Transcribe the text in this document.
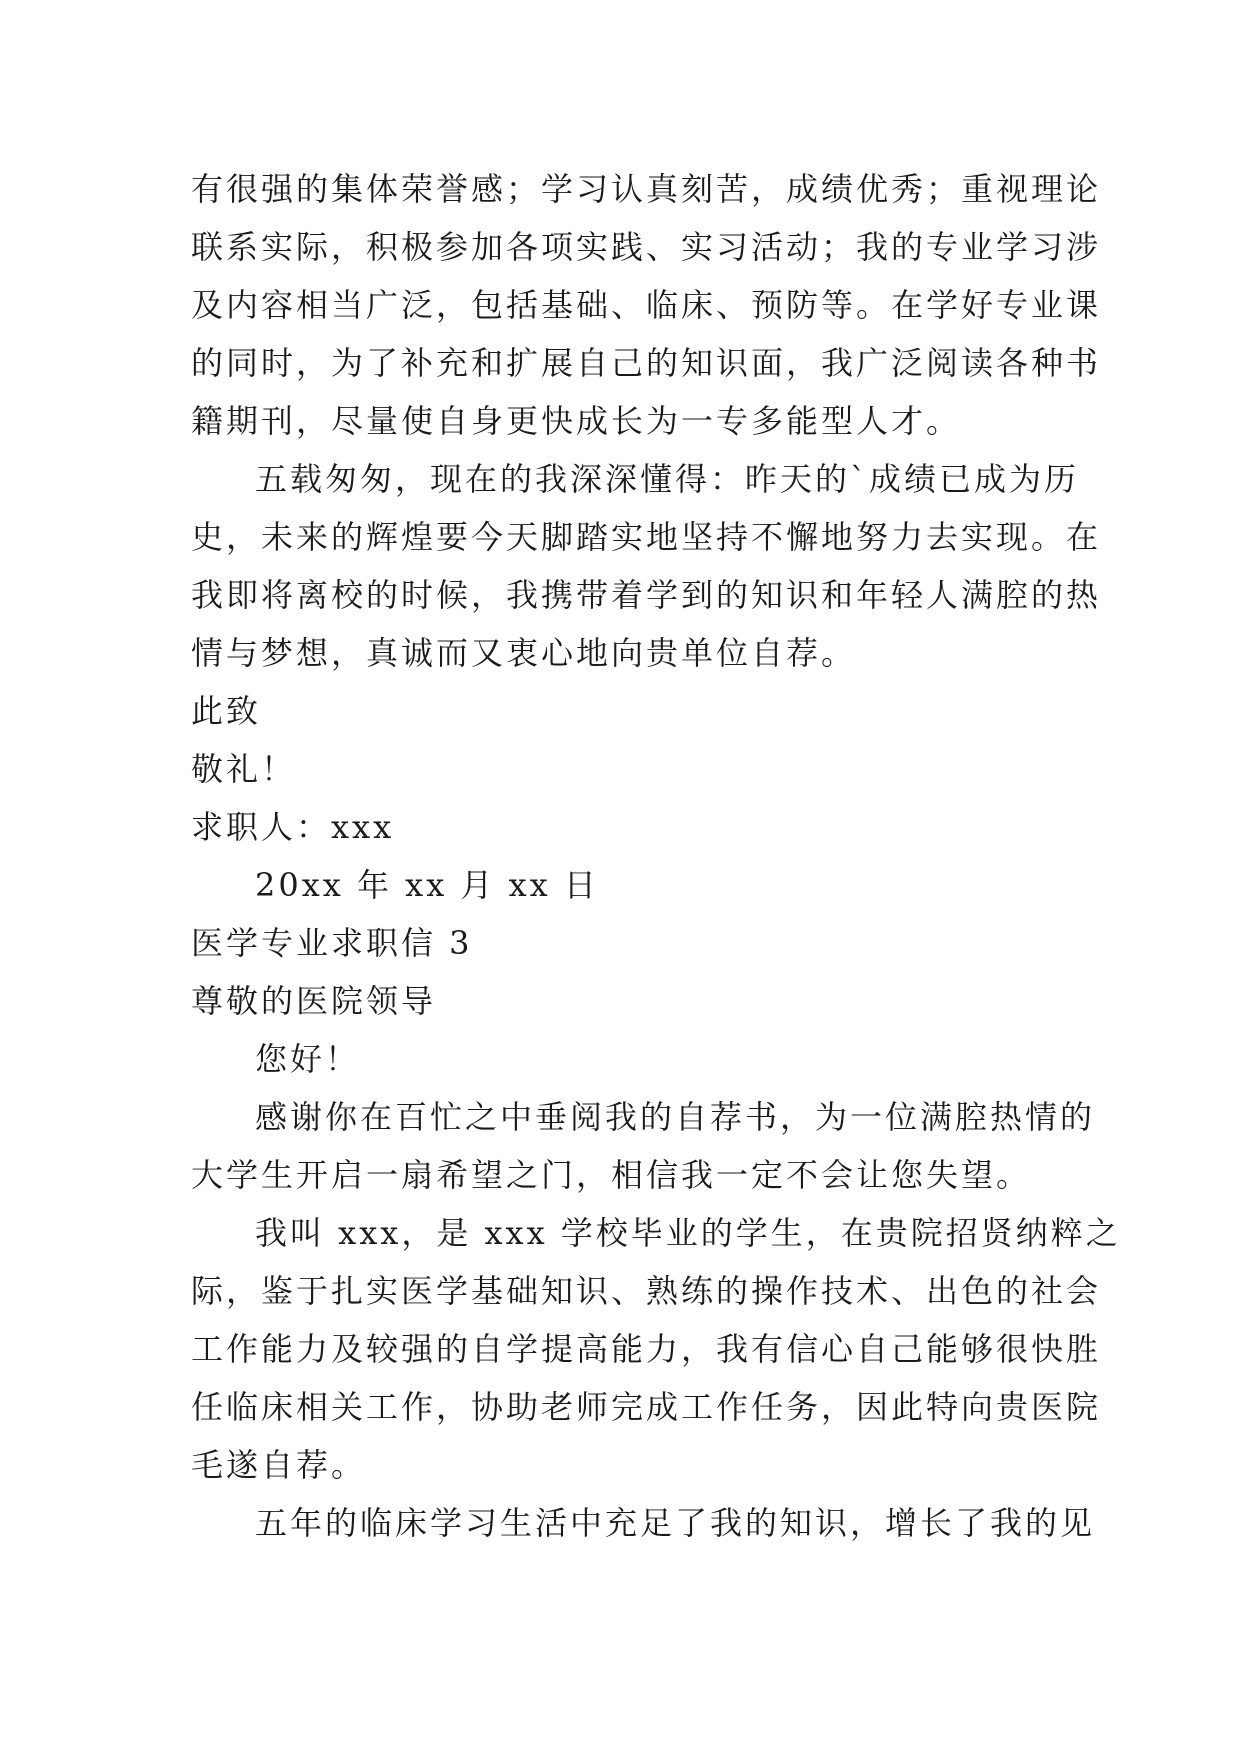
有很强的集体荣誉感；学习认真刻苦，成绩优秀；重视理论
联系实际，积极参加各项实践、实习活动；我的专业学习涉
及内容相当广泛，包括基础、临床、预防等。在学好专业课
的同时，为了补充和扩展自己的知识面，我广泛阅读各种书
籍期刊，尽量使自身更快成长为一专多能型人才。
五载匆匆，现在的我深深懂得：昨天的`成绩已成为历
史，未来的辉煌要今天脚踏实地坚持不懈地努力去实现。在
我即将离校的时候，我携带着学到的知识和年轻人满腔的热
情与梦想，真诚而又衷心地向贵单位自荐。
此致
敬礼！
求职人：xxx
20xx 年 xx 月 xx 日
医学专业求职信 3
尊敬的医院领导
您好！
感谢你在百忙之中垂阅我的自荐书，为一位满腔热情的
大学生开启一扇希望之门，相信我一定不会让您失望。
我叫 xxx，是 xxx 学校毕业的学生，在贵院招贤纳粹之
际，鉴于扎实医学基础知识、熟练的操作技术、出色的社会
工作能力及较强的自学提高能力，我有信心自己能够很快胜
任临床相关工作，协助老师完成工作任务，因此特向贵医院
毛遂自荐。
五年的临床学习生活中充足了我的知识，增长了我的见
